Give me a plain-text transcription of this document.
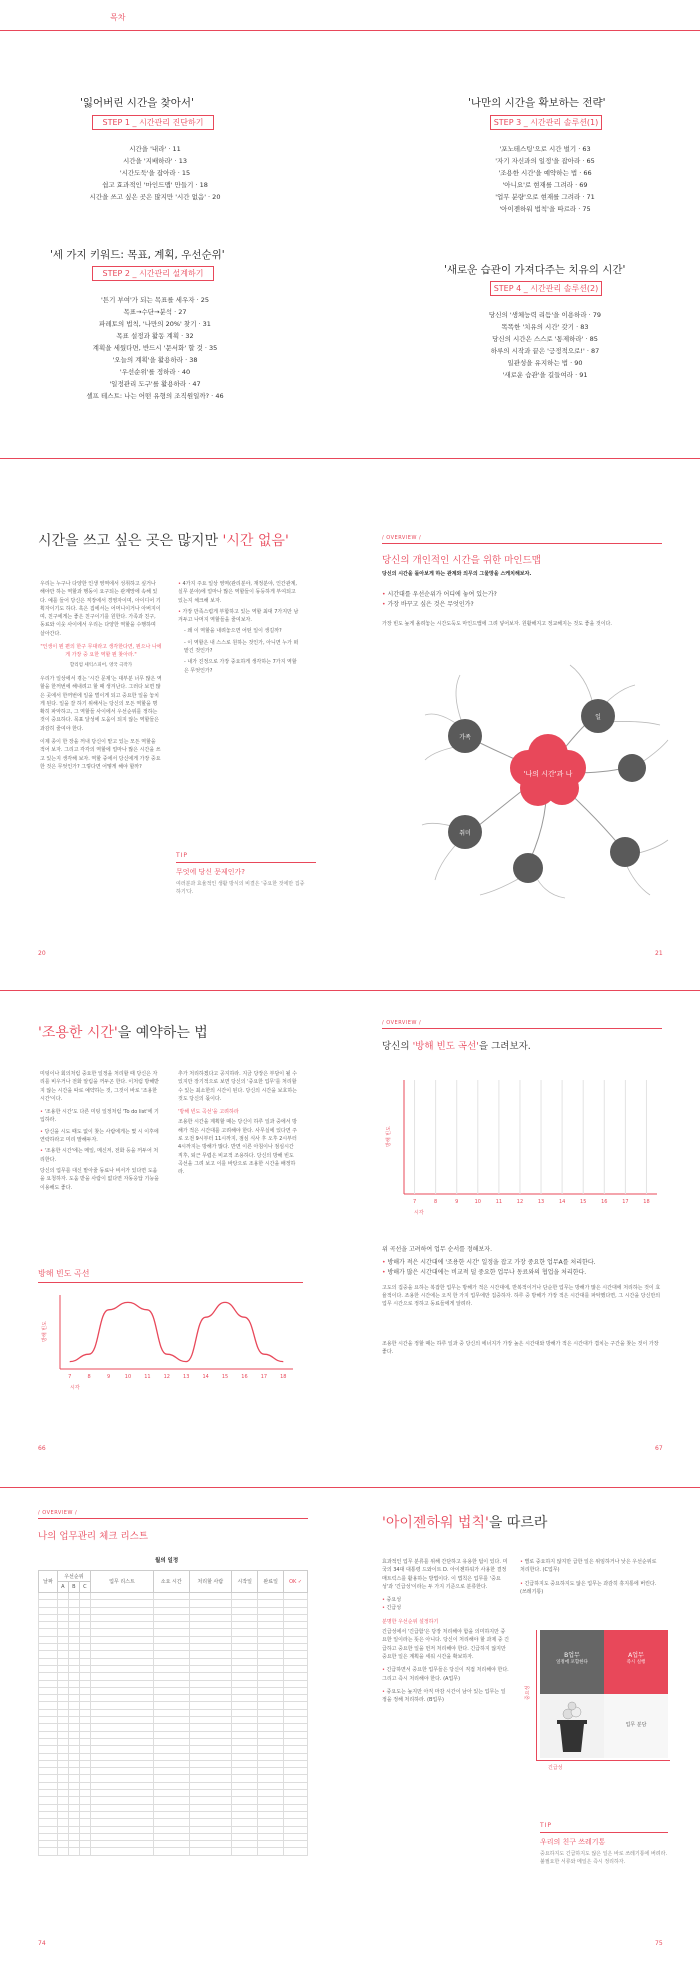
목차
'잃어버린 시간을 찾아서'
STEP 1 _ 시간관리 진단하기
시간을 '내라' · 11
시간을 '지배하라' · 13
'시간도둑'을 잡아라 · 15
쉽고 효과적인 '마인드맵' 만들기 · 18
시간을 쓰고 싶은 곳은 많지만 '시간 없음' · 20
'세 가지 키워드: 목표, 계획, 우선순위'
STEP 2 _ 시간관리 설계하기
'튼기 부여'가 되는 목표를 세우자 · 25
목표→수단→분석 · 27
파레토의 법칙, '나만의 20%' 찾기 · 31
목표 설정과 활동 계획 · 32
계획을 세웠다면, 반드시 '문서화' 할 것 · 35
'오늘의 계획'을 활용하라 · 38
'우선순위'를 정하라 · 40
'일정관리 도구'를 활용하라 · 47
셀프 테스트: 나는 어떤 유형의 조직원일까? · 46
'나만의 시간을 확보하는 전략'
STEP 3 _ 시간관리 솔루션(1)
'포노테스팅'으로 시간 벌기 · 63
'자기 자신과의 일정'을 잡아라 · 65
'조용한 시간'을 예약하는 법 · 66
'아니요'로 현재를 그려라 · 69
'업무 분량'으로 현재를 그려라 · 71
'아이젠하워 법칙'을 따르라 · 75
'새로운 습관이 가져다주는 치유의 시간'
STEP 4 _ 시간관리 솔루션(2)
당신의 '생체능력 리듬'을 이용하라 · 79
똑똑한 '치유의 시간' 갖기 · 83
당신의 시간은 스스로 '통제하라' · 85
하루의 시작과 끝은 '긍정적으로!' · 87
일관성을 유지하는 법 · 90
'새로운 습관'을 길들여라 · 91
시간을 쓰고 싶은 곳은 많지만 '시간 없음'

우리는 누구나 다양한 인생 영역에서 성취하고 싶거나 해야만 하는 역할과 행동이 요구되는 관계망에 속해 있다. 예를 들어 당신은 직장에서 경영자이며, 아이디어 기획자이기도 하다. 혹은 집에서는 어머니이거나 아버지이며, 친구에게는 좋은 친구이기를 원한다. 가족과 친구, 동료와 이웃 사이에서 우리는 다양한 역할을 수행하며 살아간다.

"인생이 뭔 편의 한구 무대라고 생각한다면, 뭔으나 나에게 가장 중 요한 역할 뭔 찾아라."

할리엄 셰익스피어, 영국 극작가

우리가 일상에서 겪는 '시간 문제'는 대부분 너무 많은 역할을 한꺼번에 해내려고 할 때 생겨난다. 그러다 보면 많은 곳에서 한꺼번에 일을 벌이게 되고 중요한 일을 놓치게 된다. 일을 잘 하기 위해서는 당신의 모든 역할을 명확히 파악하고, 그 역할들 사이에서 우선순위를 정하는 것이 중요하다. 목표 달성에 도움이 되지 않는 역할들은 과감히 줄여야 한다.

이제 종이 한 장을 꺼내 당신이 맡고 있는 모든 역할을 적어 보자. 그리고 각각의 역할에 얼마나 많은 시간을 쓰고 있는지 생각해 보자. 역할 중에서 당신에게 가장 중요한 것은 무엇인가? 그렇다면 어떻게 해야 할까?

• 4가지 주요 일상 영역(관리분야, 재정분야, 인간관계, 실무 분야)에 얼마나 많은 역할들이 동등하게 부여되고 있는지 체크해 보자.

• 가장 만족스럽게 부합하고 있는 역할 최대 7가지만 남겨두고 나머지 역할들을 줄여보자.

- 왜 이 역할을 내려놓으면 어떤 일이 생길까?

- 이 역할은 내 스스로 원하는 것인가, 아니면 누가 떠맡긴 것인가?

- 내가 진정으로 가장 중요하게 생각하는 7가지 역할은 무엇인가?

TIP
무엇에 당신 문제인가?
여러분과 효율적인 생활 방식의 비결은 '중요한 것에만 집중하기'다.
20
/ OVERVIEW /
당신의 개인적인 시간을 위한 마인드맵
당신의 시간을 돌아보게 하는 관계와 의무의 그물망을 스케치해보자.
• 시간대를 우선순위가 어디에 놓여 있는가?
• 가장 바꾸고 싶은 것은 무엇인가?
가장 빈도 높게 올려놓는 시간도둑도 마인드맵에 그려 넣어보자. 원활해지고 정교해지는 것도 좋을 것이다.
가족
일
취미
'나의 시간'과 나
21
'조용한 시간'을 예약하는 법

미팅이나 회의처럼 중요한 일정을 처리할 때 당신은 자리를 비우거나 전화 알림을 꺼두곤 한다. 이처럼 방해받지 않는 시간을 따로 예약하는 것, 그것이 바로 '조용한 시간'이다.

• '조용한 시간'도 다른 미팅 일정처럼 'To do list'에 기입하라.

• 당신을 시도 때도 없이 찾는 사람에게는 몇 시 이후에 연락하라고 미리 말해두자.

• '조용한 시간'에는 메일, 메신저, 전화 등을 꺼두어 처리한다.

당신의 업무를 대신 맡아줄 동료나 비서가 있다면 도움을 요청하자. 도움 받을 사람이 없다면 자동응답 기능을 이용해도 좋다.

추가 처리하겠다고 공지하라. 지금 당장은 부담이 될 수 있지만 장기적으로 보면 당신의 '중요한 업무'를 처리할 수 있는 최소한의 시간이 된다. 당신의 시간을 보호하는 것도 당신의 몫이다.

'방해 빈도 곡선'을 고려하라

조용한 시간을 계획할 때는 당신이 하루 일과 중에서 방해가 적은 시간대를 고려해야 한다. 사무실에 있다면 주로 오전 9시부터 11시까지, 점심 식사 후 오후 2시부터 4시까지는 방해가 많다. 반면 이른 아침이나 점심시간 직후, 퇴근 무렵은 비교적 조용하다. 당신의 방해 빈도 곡선을 그려 보고 이를 바탕으로 조용한 시간을 배정하라.

방해 빈도 곡선
7	8	9	10	11	12	13	14	15	16	17	18
시각
방해 빈도
66
/ OVERVIEW /
당신의 '방해 빈도 곡선'을 그려보자.
7	8	9	10	11	12	13	14	15	16	17	18
시각
방해 빈도
위 곡선을 고려하여 업무 순서를 정해보자.
• 방해가 적은 시간대에 '조용한 시간' 일정을 잡고 가장 중요한 업무A를 처리한다.
• 방해가 많은 시간대에는 비교적 덜 중요한 업무나 동료와의 협업을 처리한다.
고도의 집중을 요하는 복잡한 업무는 방해가 적은 시간대에, 반복적이거나 단순한 업무는 방해가 많은 시간대에 처리하는 것이 효율적이다. 조용한 시간에는 오직 한 가지 업무에만 집중하자. 하루 중 방해가 가장 적은 시간대를 파악했다면, 그 시간을 당신만의 업무 시간으로 정하고 동료들에게 알려라.
조용한 시간을 정할 때는 하루 일과 중 당신의 에너지가 가장 높은 시간대와 방해가 적은 시간대가 겹치는 구간을 찾는 것이 가장 좋다.
67
/ OVERVIEW /
나의 업무관리 체크 리스트
월의 일정
날짜	우선순위			업무 리스트	소요 시간	처리할 사람	시작일	완료일	OK ✓
	A	B	C						

74
'아이젠하워 법칙'을 따르라

효과적인 업무 분류를 위해 간단하고 유용한 팁이 있다. 미국의 34대 대통령 드와이트 D. 아이젠하워가 사용한 결정매트릭스를 활용하는 방법이다. 이 법칙은 업무를 '중요성'과 '긴급성'이라는 두 가지 기준으로 분류한다.

• 중요성

• 긴급성

분명한 우선순위 설정하기

긴급성에서 '긴급함'은 당장 처리해야 함을 의미하지만 중요한 일이라는 뜻은 아니다. 당신이 처리해야 할 과제 중 긴급하고 중요한 일을 먼저 처리해야 한다. 긴급하지 않지만 중요한 일은 계획을 세워 시간을 확보하자.

• 긴급하면서 중요한 업무들은 당신이 직접 처리해야 한다. 그리고 즉시 처리해야 한다. (A업무)

• 중요도는 높지만 아직 마감 시간이 남아 있는 업무는 일정을 정해 처리하라. (B업무)

• 별로 중요하지 않지만 급한 일은 위임하거나 낮은 우선순위로 처리한다. (C업무)

• 긴급하지도 중요하지도 않은 업무는 과감히 휴지통에 버린다. (쓰레기통)

B업무
일정에 포함한다
A업무
즉시 실행
업무 분담
중요성
긴급성
TIP
우리의 친구 쓰레기통
중요하지도 긴급하지도 않은 일은 바로 쓰레기통에 버려라. 불필요한 서류와 메일은 즉시 정리하자.
75
